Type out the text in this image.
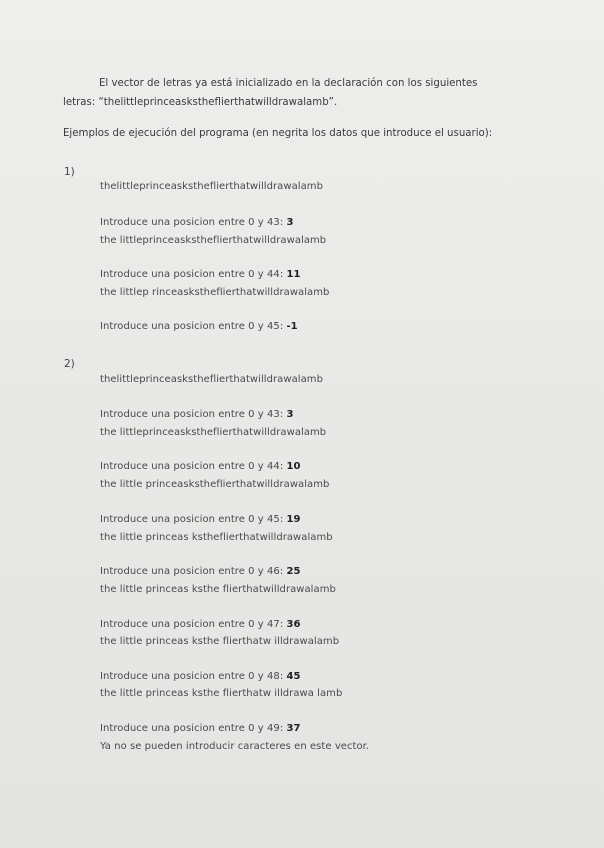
El vector de letras ya está inicializado en la declaración con los siguientes
letras: “thelittleprinceasksthefliеrthatwilldrawalamb”.
Ejemplos de ejecución del programa (en negrita los datos que introduce el usuario):
1)
thelittleprinceasksthefliеrthatwilldrawalamb
Introduce una posicion entre 0 y 43: 3
the littleprinceasksthefliеrthatwilldrawalamb
Introduce una posicion entre 0 y 44: 11
the littlep rinceasksthefliеrthatwilldrawalamb
Introduce una posicion entre 0 y 45: -1
2)
thelittleprinceasksthefliеrthatwilldrawalamb
Introduce una posicion entre 0 y 43: 3
the littleprinceasksthefliеrthatwilldrawalamb
Introduce una posicion entre 0 y 44: 10
the little princeasksthefliеrthatwilldrawalamb
Introduce una posicion entre 0 y 45: 19
the little princeas ksthefliеrthatwilldrawalamb
Introduce una posicion entre 0 y 46: 25
the little princeas ksthe fliеrthatwilldrawalamb
Introduce una posicion entre 0 y 47: 36
the little princeas ksthe fliеrthatw illdrawalamb
Introduce una posicion entre 0 y 48: 45
the little princeas ksthe fliеrthatw illdrawa lamb
Introduce una posicion entre 0 y 49: 37
Ya no se pueden introducir caracteres en este vector.
